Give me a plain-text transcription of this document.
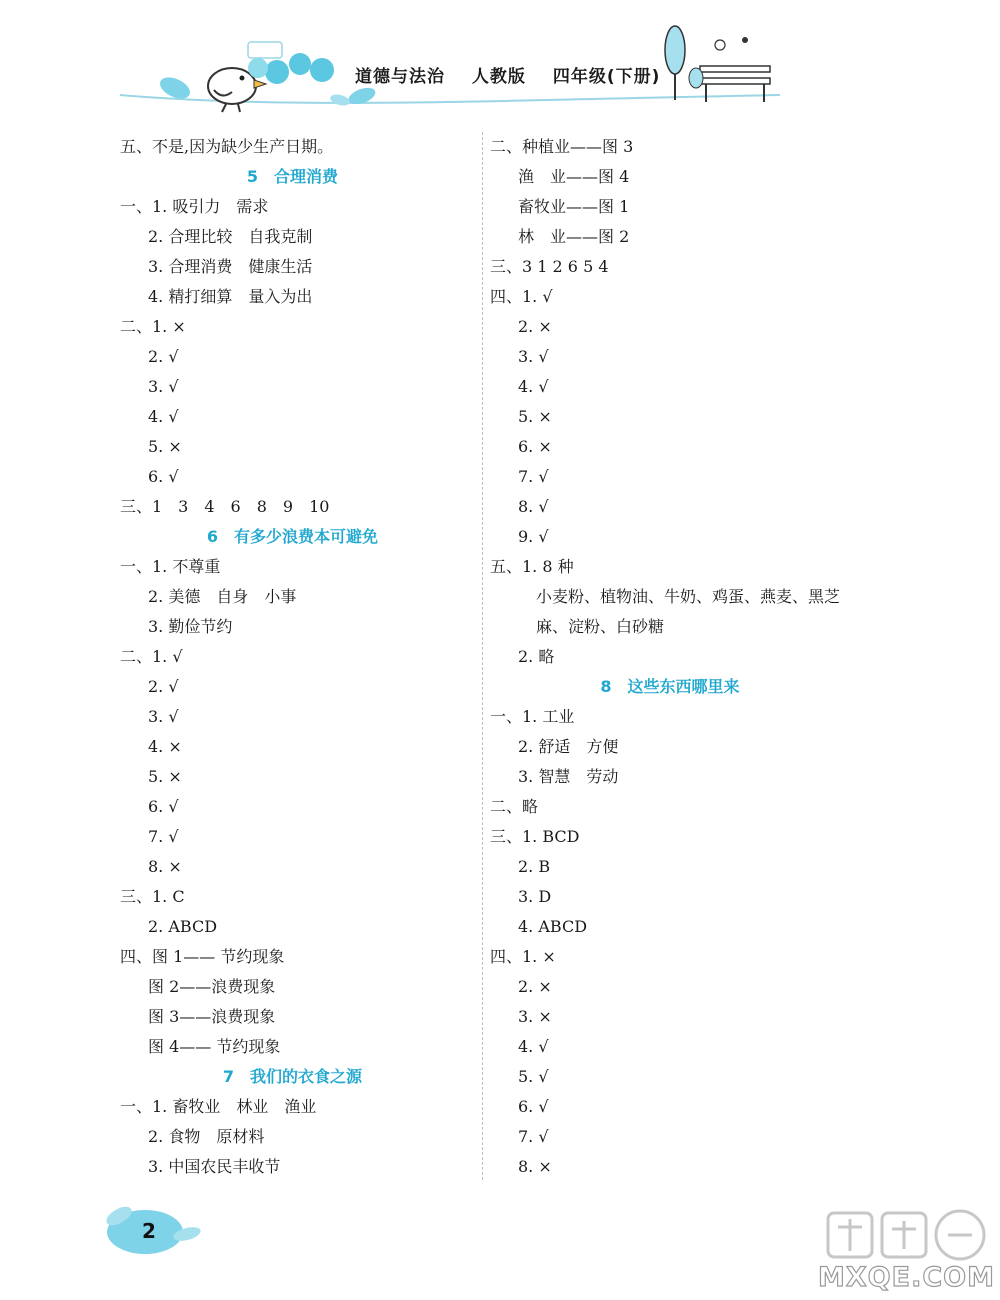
道德与法治 人教版 四年级(下册)
五、不是,因为缺少生产日期。
5　合理消费
一、1. 吸引力　需求
2. 合理比较　自我克制
3. 合理消费　健康生活
4. 精打细算　量入为出
二、1. ×
2. √
3. √
4. √
5. ×
6. √
三、1　3　4　6　8　9　10
6　有多少浪费本可避免
一、1. 不尊重
2. 美德　自身　小事
3. 勤俭节约
二、1. √
2. √
3. √
4. ×
5. ×
6. √
7. √
8. ×
三、1. C
2. ABCD
四、图 1—— 节约现象
图 2——浪费现象
图 3——浪费现象
图 4—— 节约现象
7　我们的衣食之源
一、1. 畜牧业　林业　渔业
2. 食物　原材料
3. 中国农民丰收节
二、种植业——图 3
渔　业——图 4
畜牧业——图 1
林　业——图 2
三、3 1 2 6 5 4
四、1. √
2. ×
3. √
4. √
5. ×
6. ×
7. √
8. √
9. √
五、1. 8 种
小麦粉、植物油、牛奶、鸡蛋、燕麦、黑芝
麻、淀粉、白砂糖
2. 略
8　这些东西哪里来
一、1. 工业
2. 舒适　方便
3. 智慧　劳动
二、略
三、1. BCD
2. B
3. D
4. ABCD
四、1. ×
2. ×
3. ×
4. √
5. √
6. √
7. √
8. ×
2
MXQE.COM
